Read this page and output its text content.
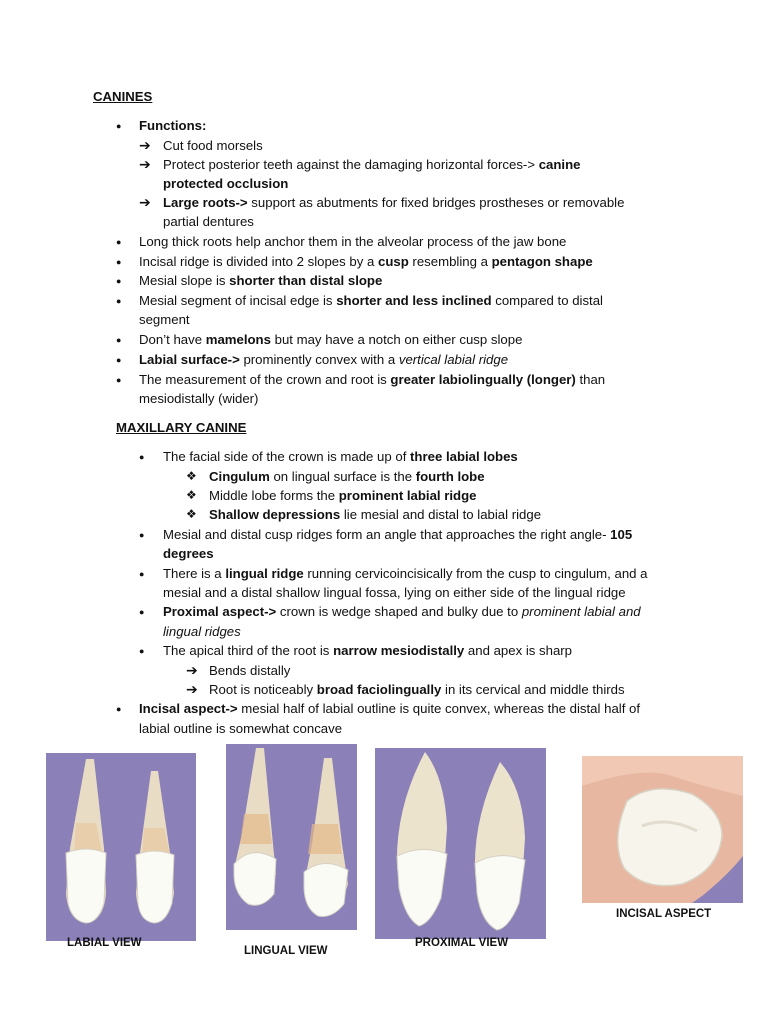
CANINES
● Functions:
➔ Cut food morsels
➔ Protect posterior teeth against the damaging horizontal forces-> canine
protected occlusion
➔ Large roots-> support as abutments for fixed bridges prostheses or removable
partial dentures
● Long thick roots help anchor them in the alveolar process of the jaw bone
● Incisal ridge is divided into 2 slopes by a cusp resembling a pentagon shape
● Mesial slope is shorter than distal slope
● Mesial segment of incisal edge is shorter and less inclined compared to distal
segment
● Don’t have mamelons but may have a notch on either cusp slope
● Labial surface-> prominently convex with a vertical labial ridge
● The measurement of the crown and root is greater labiolingually (longer) than
mesiodistally (wider)
MAXILLARY CANINE
● The facial side of the crown is made up of three labial lobes
❖ Cingulum on lingual surface is the fourth lobe
❖ Middle lobe forms the prominent labial ridge
❖ Shallow depressions lie mesial and distal to labial ridge
● Mesial and distal cusp ridges form an angle that approaches the right angle- 105
degrees
● There is a lingual ridge running cervicoincisically from the cusp to cingulum, and a
mesial and a distal shallow lingual fossa, lying on either side of the lingual ridge
● Proximal aspect-> crown is wedge shaped and bulky due to prominent labial and
lingual ridges
● The apical third of the root is narrow mesiodistally and apex is sharp
➔ Bends distally
➔ Root is noticeably broad faciolingually in its cervical and middle thirds
● Incisal aspect-> mesial half of labial outline is quite convex, whereas the distal half of
labial outline is somewhat concave
LABIAL VIEW
LINGUAL VIEW
PROXIMAL VIEW
INCISAL ASPECT
